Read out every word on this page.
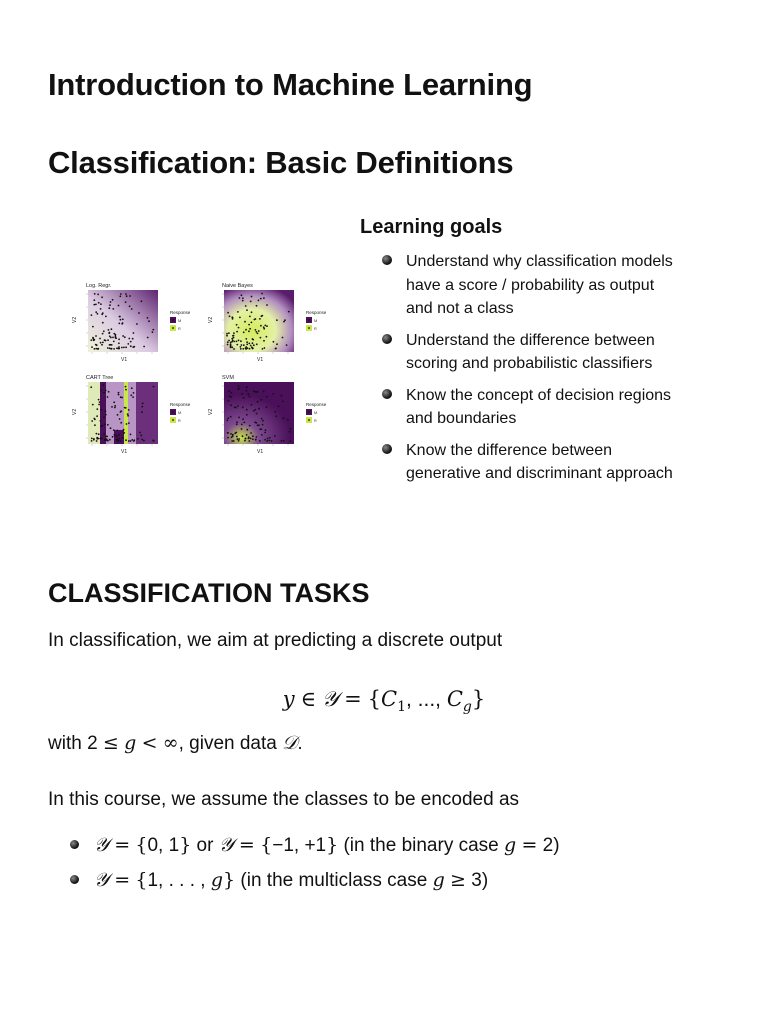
Introduction to Machine Learning
Classification: Basic Definitions
Log. Regr.
V1
V2
Response
M
R
Naive Bayes
V1
V2
Response
M
R
CART Tree
V1
V2
Response
M
R
SVM
V1
V2
Response
M
R
Learning goals
Understand why classification models have a score / probability as output and not a class
Understand the difference between scoring and probabilistic classifiers
Know the concept of decision regions and boundaries
Know the difference between generative and discriminant approach
CLASSIFICATION TASKS

In classification, we aim at predicting a discrete output

y ∈ 𝒴 = {$C_1$, ..., $C_g$}

with 2 ≤ g < ∞, given data 𝒟.

In this course, we assume the classes to be encoded as

𝒴 = {0, 1} or 𝒴 = {−1, +1} (in the binary case g = 2)
𝒴 = {1, . . . , g} (in the multiclass case g ≥ 3)
